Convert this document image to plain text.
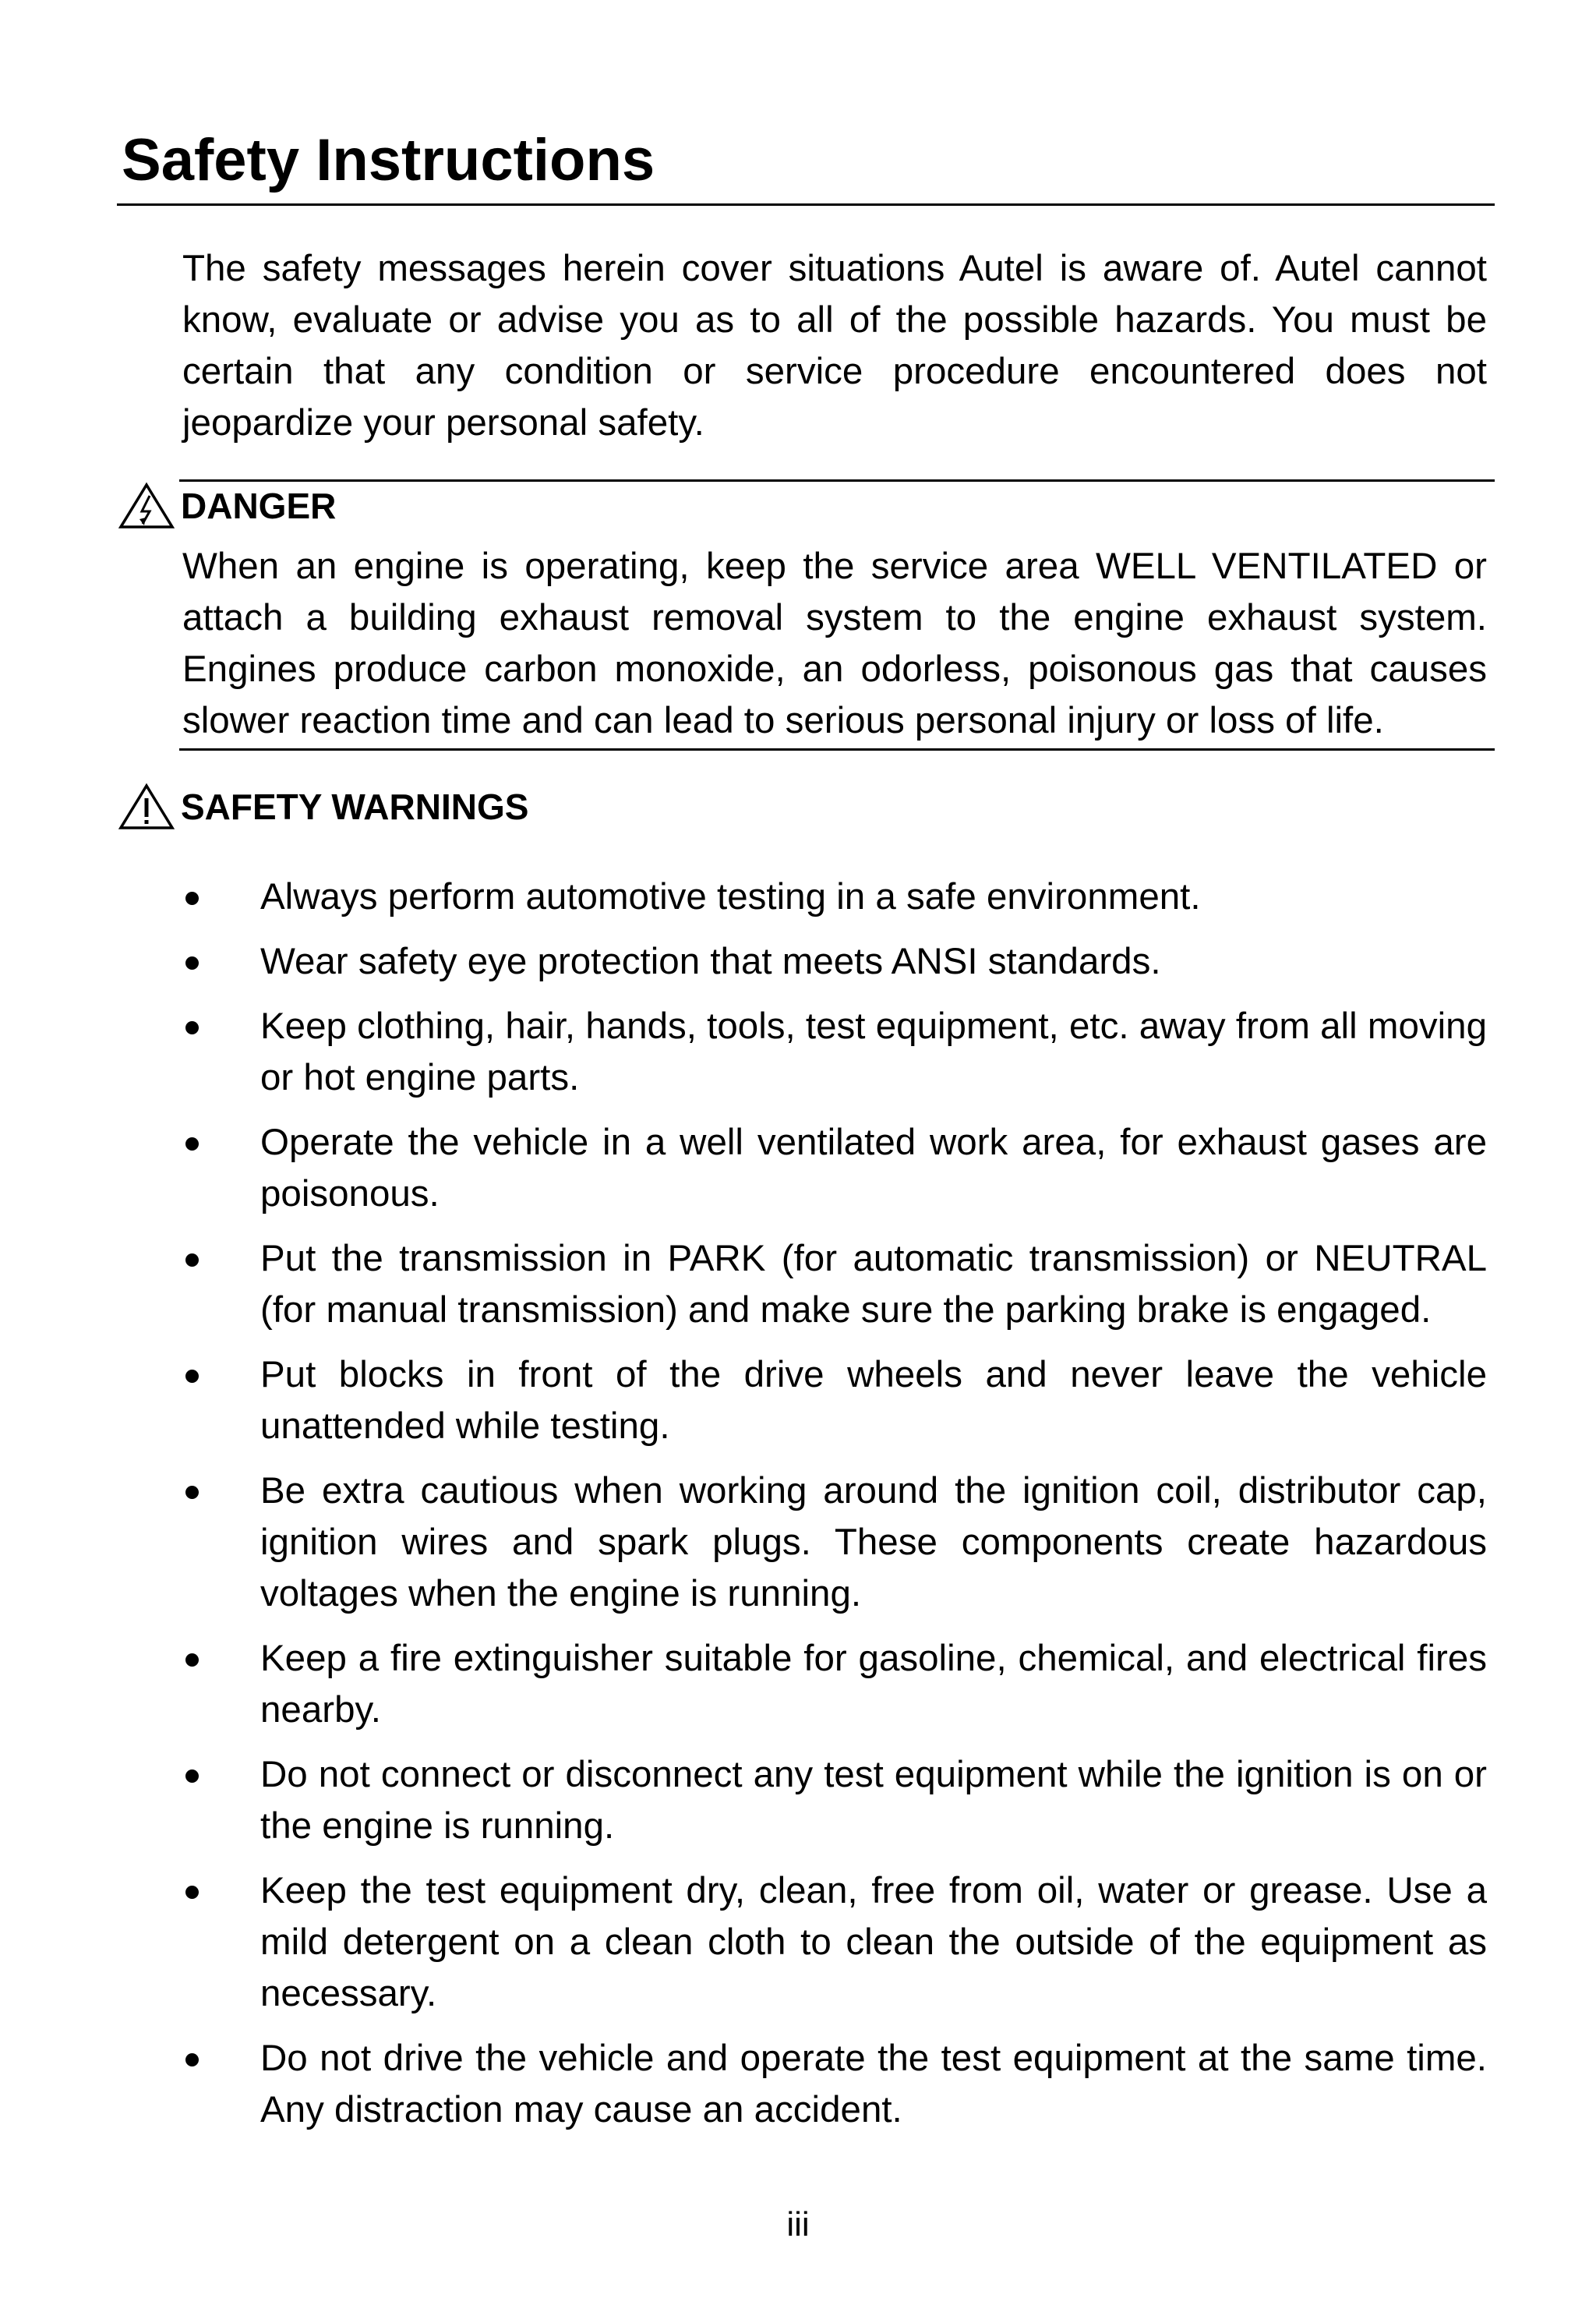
Safety Instructions

The safety messages herein cover situations Autel is aware of. Autel cannot know, evaluate or advise you as to all of the possible hazards. You must be certain that any condition or service procedure encountered does not jeopardize your personal safety.

DANGER

When an engine is operating, keep the service area WELL VENTILATED or attach a building exhaust removal system to the engine exhaust system. Engines produce carbon monoxide, an odorless, poisonous gas that causes slower reaction time and can lead to serious personal injury or loss of life.

SAFETY WARNINGS
Always perform automotive testing in a safe environment.
Wear safety eye protection that meets ANSI standards.
Keep clothing, hair, hands, tools, test equipment, etc. away from all moving or hot engine parts.
Operate the vehicle in a well ventilated work area, for exhaust gases are poisonous.
Put the transmission in PARK (for automatic transmission) or NEUTRAL (for manual transmission) and make sure the parking brake is engaged.
Put blocks in front of the drive wheels and never leave the vehicle unattended while testing.
Be extra cautious when working around the ignition coil, distributor cap, ignition wires and spark plugs. These components create hazardous voltages when the engine is running.
Keep a fire extinguisher suitable for gasoline, chemical, and electrical fires nearby.
Do not connect or disconnect any test equipment while the ignition is on or the engine is running.
Keep the test equipment dry, clean, free from oil, water or grease. Use a mild detergent on a clean cloth to clean the outside of the equipment as necessary.
Do not drive the vehicle and operate the test equipment at the same time. Any distraction may cause an accident.
iii
